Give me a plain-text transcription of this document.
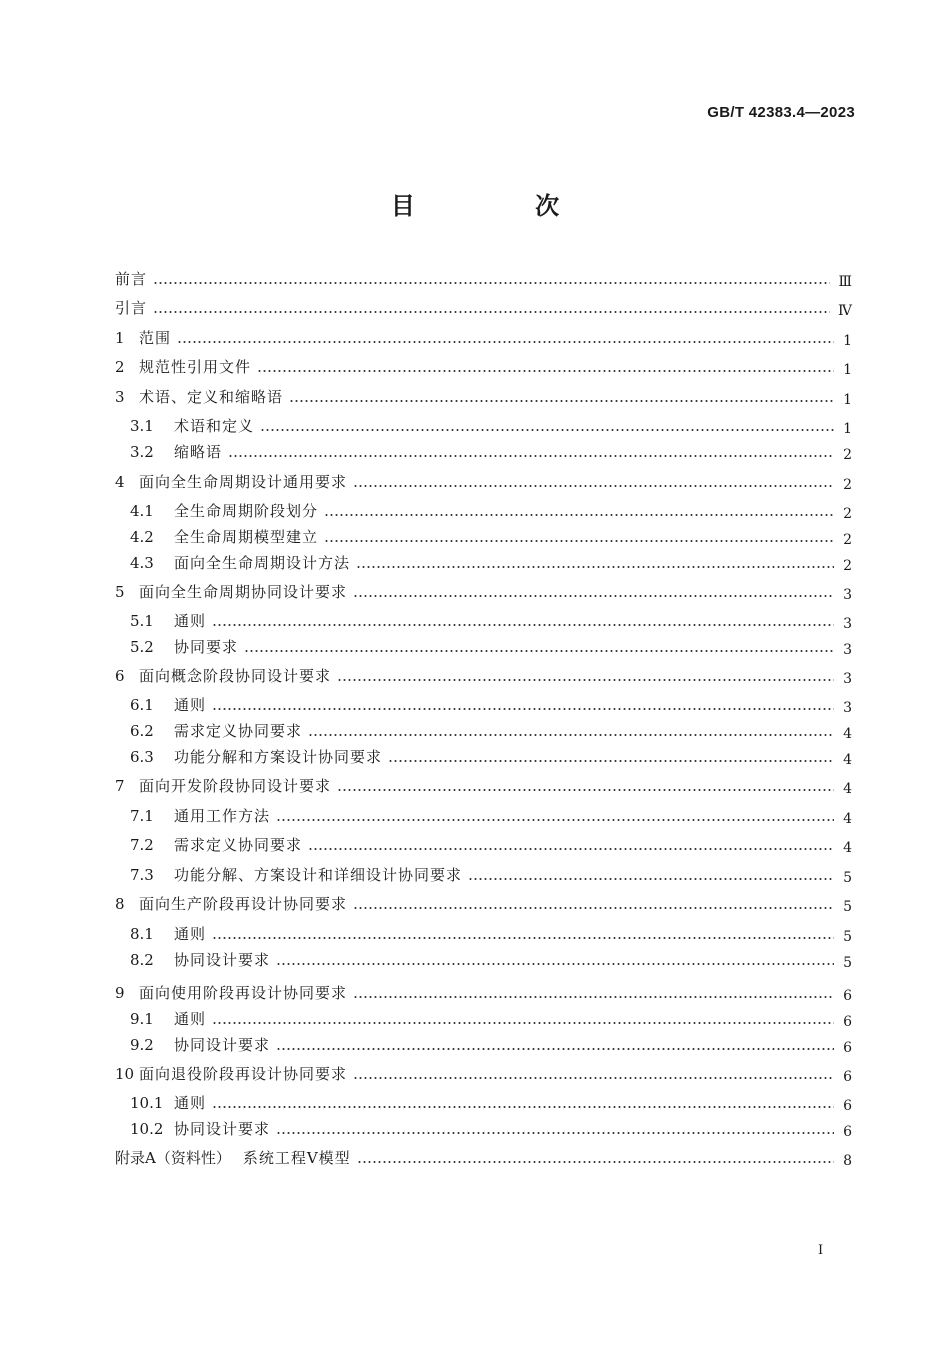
GB/T 42383.4—2023
目 次
前言	Ⅲ
引言	Ⅳ
1 范围	1
2 规范性引用文件	1
3 术语、定义和缩略语	1
3.1	术语和定义	1
3.2	缩略语	2
4 面向全生命周期设计通用要求	2
4.1	全生命周期阶段划分	2
4.2	全生命周期模型建立	2
4.3	面向全生命周期设计方法	2
5 面向全生命周期协同设计要求	3
5.1	通则	3
5.2	协同要求	3
6 面向概念阶段协同设计要求	3
6.1	通则	3
6.2	需求定义协同要求	4
6.3	功能分解和方案设计协同要求	4
7 面向开发阶段协同设计要求	4
7.1	通用工作方法	4
7.2	需求定义协同要求	4
7.3	功能分解、方案设计和详细设计协同要求	5
8 面向生产阶段再设计协同要求	5
8.1	通则	5
8.2	协同设计要求	5
9 面向使用阶段再设计协同要求	6
9.1	通则	6
9.2	协同设计要求	6
10 面向退役阶段再设计协同要求	6
10.1 通则	6
10.2 协同设计要求	6
附录A（资料性） 系统工程V模型	8
Ⅰ
